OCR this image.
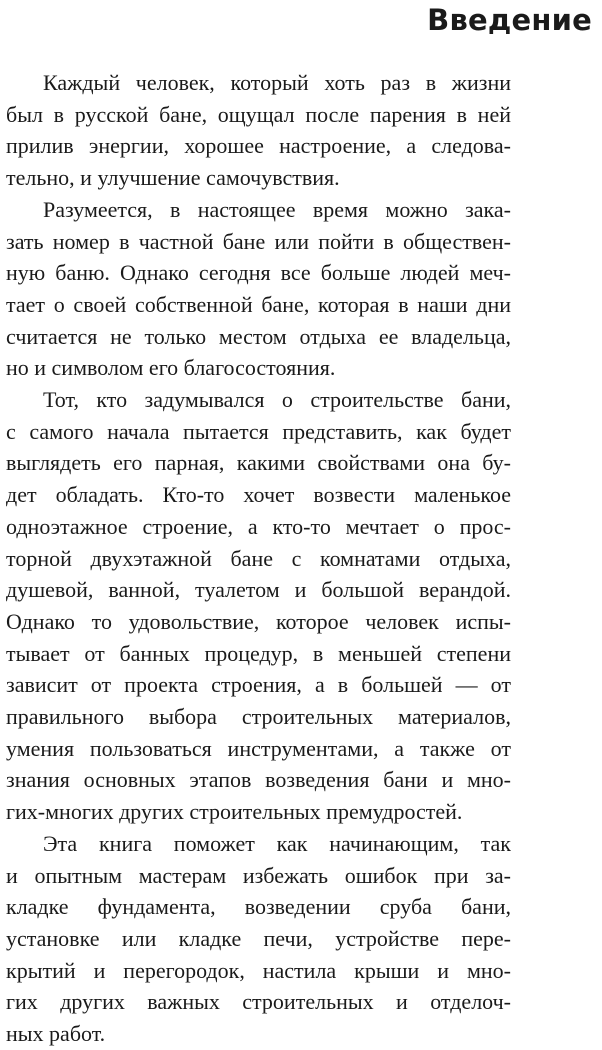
Введение

Каждый человек, который хоть раз в жизни
был в русской бане, ощущал после парения в ней
прилив энергии, хорошее настроение, а следова-
тельно, и улучшение самочувствия.

Разумеется, в настоящее время можно зака-
зать номер в частной бане или пойти в обществен-
ную баню. Однако сегодня все больше людей меч-
тает о своей собственной бане, которая в наши дни
считается не только местом отдыха ее владельца,
но и символом его благосостояния.

Тот, кто задумывался о строительстве бани,
с самого начала пытается представить, как будет
выглядеть его парная, какими свойствами она бу-
дет обладать. Кто-то хочет возвести маленькое
одноэтажное строение, а кто-то мечтает о прос-
торной двухэтажной бане с комнатами отдыха,
душевой, ванной, туалетом и большой верандой.
Однако то удовольствие, которое человек испы-
тывает от банных процедур, в меньшей степени
зависит от проекта строения, а в большей — от
правильного выбора строительных материалов,
умения пользоваться инструментами, а также от
знания основных этапов возведения бани и мно-
гих-многих других строительных премудростей.

Эта книга поможет как начинающим, так
и опытным мастерам избежать ошибок при за-
кладке фундамента, возведении сруба бани,
установке или кладке печи, устройстве пере-
крытий и перегородок, настила крыши и мно-
гих других важных строительных и отделоч-
ных работ.
